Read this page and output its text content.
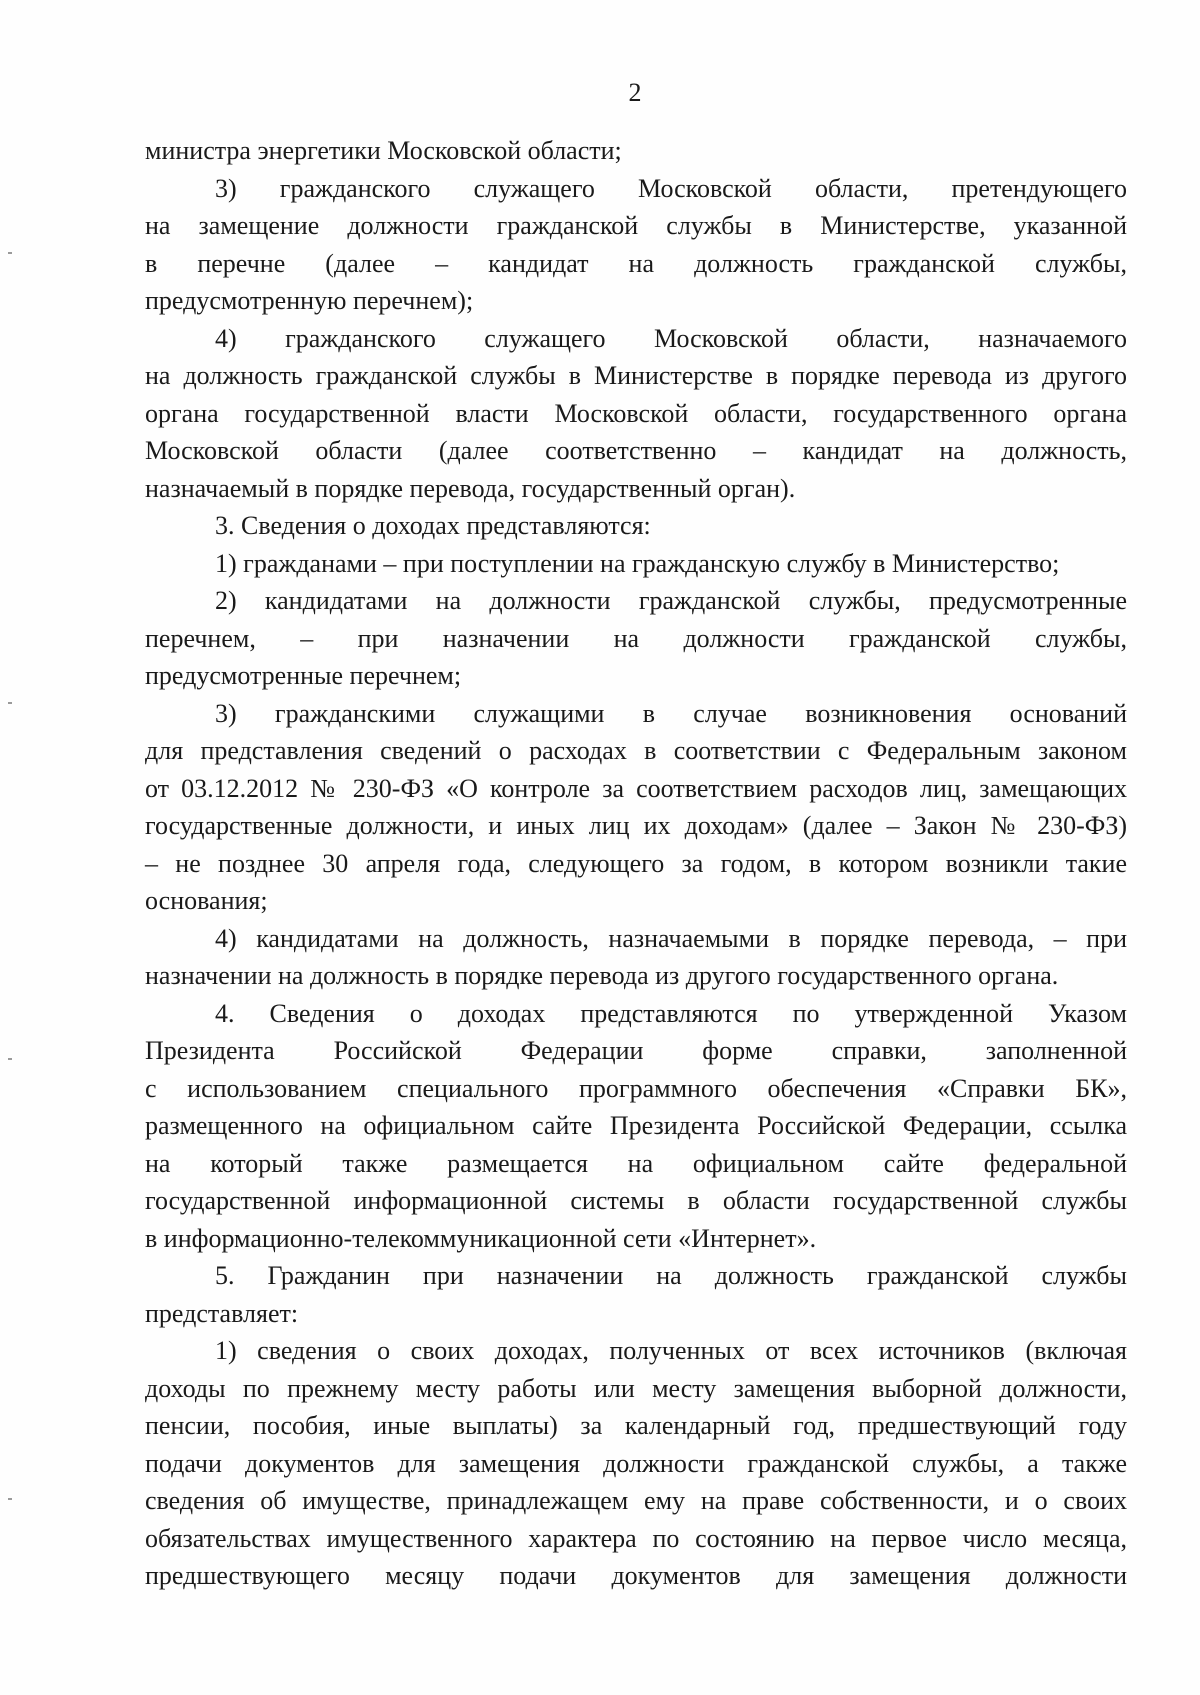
2
министра энергетики Московской области;
3) гражданского служащего Московской области, претендующего
на замещение должности гражданской службы в Министерстве, указанной
в перечне (далее – кандидат на должность гражданской службы,
предусмотренную перечнем);
4) гражданского служащего Московской области, назначаемого
на должность гражданской службы в Министерстве в порядке перевода из другого
органа государственной власти Московской области, государственного органа
Московской области (далее соответственно – кандидат на должность,
назначаемый в порядке перевода, государственный орган).
3. Сведения о доходах представляются:
1) гражданами – при поступлении на гражданскую службу в Министерство;
2) кандидатами на должности гражданской службы, предусмотренные
перечнем, – при назначении на должности гражданской службы,
предусмотренные перечнем;
3) гражданскими служащими в случае возникновения оснований
для представления сведений о расходах в соответствии с Федеральным законом
от 03.12.2012 № 230-ФЗ «О контроле за соответствием расходов лиц, замещающих
государственные должности, и иных лиц их доходам» (далее – Закон № 230-ФЗ)
– не позднее 30 апреля года, следующего за годом, в котором возникли такие
основания;
4) кандидатами на должность, назначаемыми в порядке перевода, – при
назначении на должность в порядке перевода из другого государственного органа.
4. Сведения о доходах представляются по утвержденной Указом
Президента Российской Федерации форме справки, заполненной
с использованием специального программного обеспечения «Справки БК»,
размещенного на официальном сайте Президента Российской Федерации, ссылка
на который также размещается на официальном сайте федеральной
государственной информационной системы в области государственной службы
в информационно-телекоммуникационной сети «Интернет».
5. Гражданин при назначении на должность гражданской службы
представляет:
1) сведения о своих доходах, полученных от всех источников (включая
доходы по прежнему месту работы или месту замещения выборной должности,
пенсии, пособия, иные выплаты) за календарный год, предшествующий году
подачи документов для замещения должности гражданской службы, а также
сведения об имуществе, принадлежащем ему на праве собственности, и о своих
обязательствах имущественного характера по состоянию на первое число месяца,
предшествующего месяцу подачи документов для замещения должности
